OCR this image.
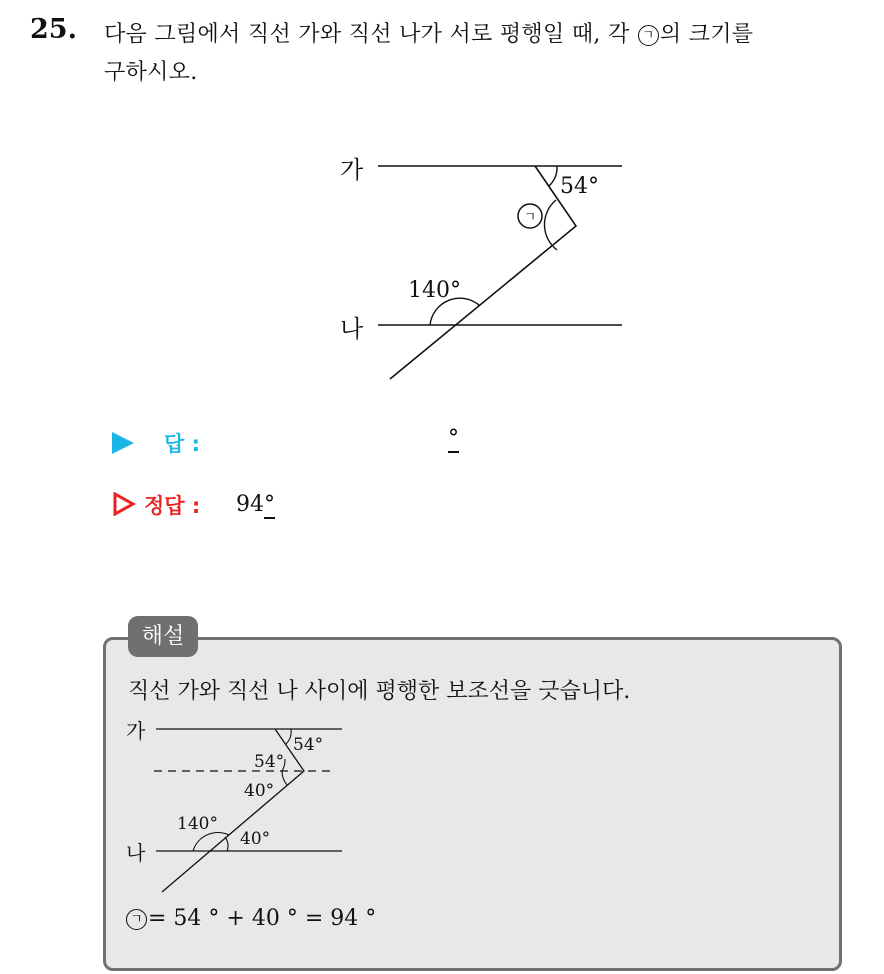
25. 다음 그림에서 직선 가와 직선 나가 서로 평행일 때, 각 ㄱ 의 크기를
구하시오.
가
나
54°
140°
ㄱ
답 :	°
정답 : 94°
해설
직선 가와 직선 나 사이에 평행한 보조선을 긋습니다.
가
나
54°
54°
40°
140°
40°
ㄱ = 54 ° + 40 ° = 94 °
